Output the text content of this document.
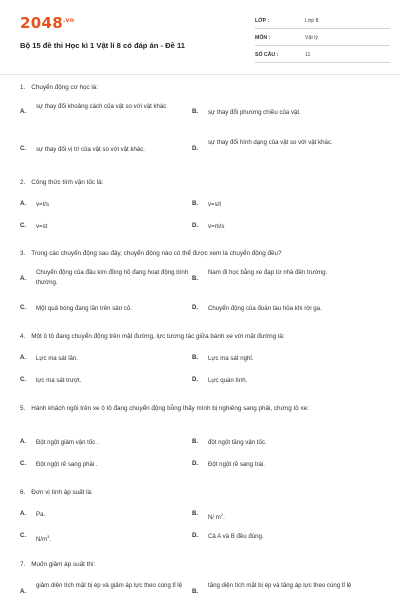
$2048^{.vn}$
Bộ 15 đề thi Học kì 1 Vật lí 8 có đáp án - Đề 11
LỚP :	Lớp 8
MÔN :	Vật lý
SỐ CÂU :	11
1. Chuyển động cơ học là:
A.
sự thay đổi khoảng cách của vật so với vật khác
B. sự thay đổi phương chiều của vật.
C. sự thay đổi vị trí của vật so với vật khác.	D.
sự thay đổi hình dạng của vật so với vật khác.
2. Công thức tính vận tốc là:
A. v=t/s	B. v=s/t
C. v=st	D. v=m/s
3. Trong các chuyển động sau đây, chuyển động nào có thể được xem là chuyển động đều?
A.
Chuyển động của đầu kim đồng hồ đang hoạt động bình thường.
B.
Nam đi học bằng xe đạp từ nhà đến trường.
C. Một quả bóng đang lăn trên sân cỏ.	D. Chuyển động của đoàn tàu hỏa khi rời ga.
4. Một ô tô đang chuyển động trên mặt đường, lực tương tác giữa bánh xe với mặt đường là:
A. Lực ma sát lăn.	B. Lực ma sát nghỉ.
C. lực ma sát trượt.	D. Lực quán tính.
5. Hành khách ngồi trên xe ô tô đang chuyển động bỗng thấy mình bị nghiêng sang phải, chứng tỏ xe:
A. Đột ngột giảm vận tốc .	B. đột ngột tăng vận tốc.
C. Đột ngột rẽ sang phải .	D. Đột ngột rẽ sang trái.
6. Đơn vị tính áp suất là:
A. Pa.	B.
N/ $m^2$.
C.
$N/m^3$.
D. Cả A và B đều đúng.
7. Muốn giảm áp suất thì:
A.
giảm diện tích mặt bị ép và giảm áp lực theo cùng tỉ lệ
B.
tăng diện tích mặt bị ép và tăng áp lực theo cùng tỉ lệ
